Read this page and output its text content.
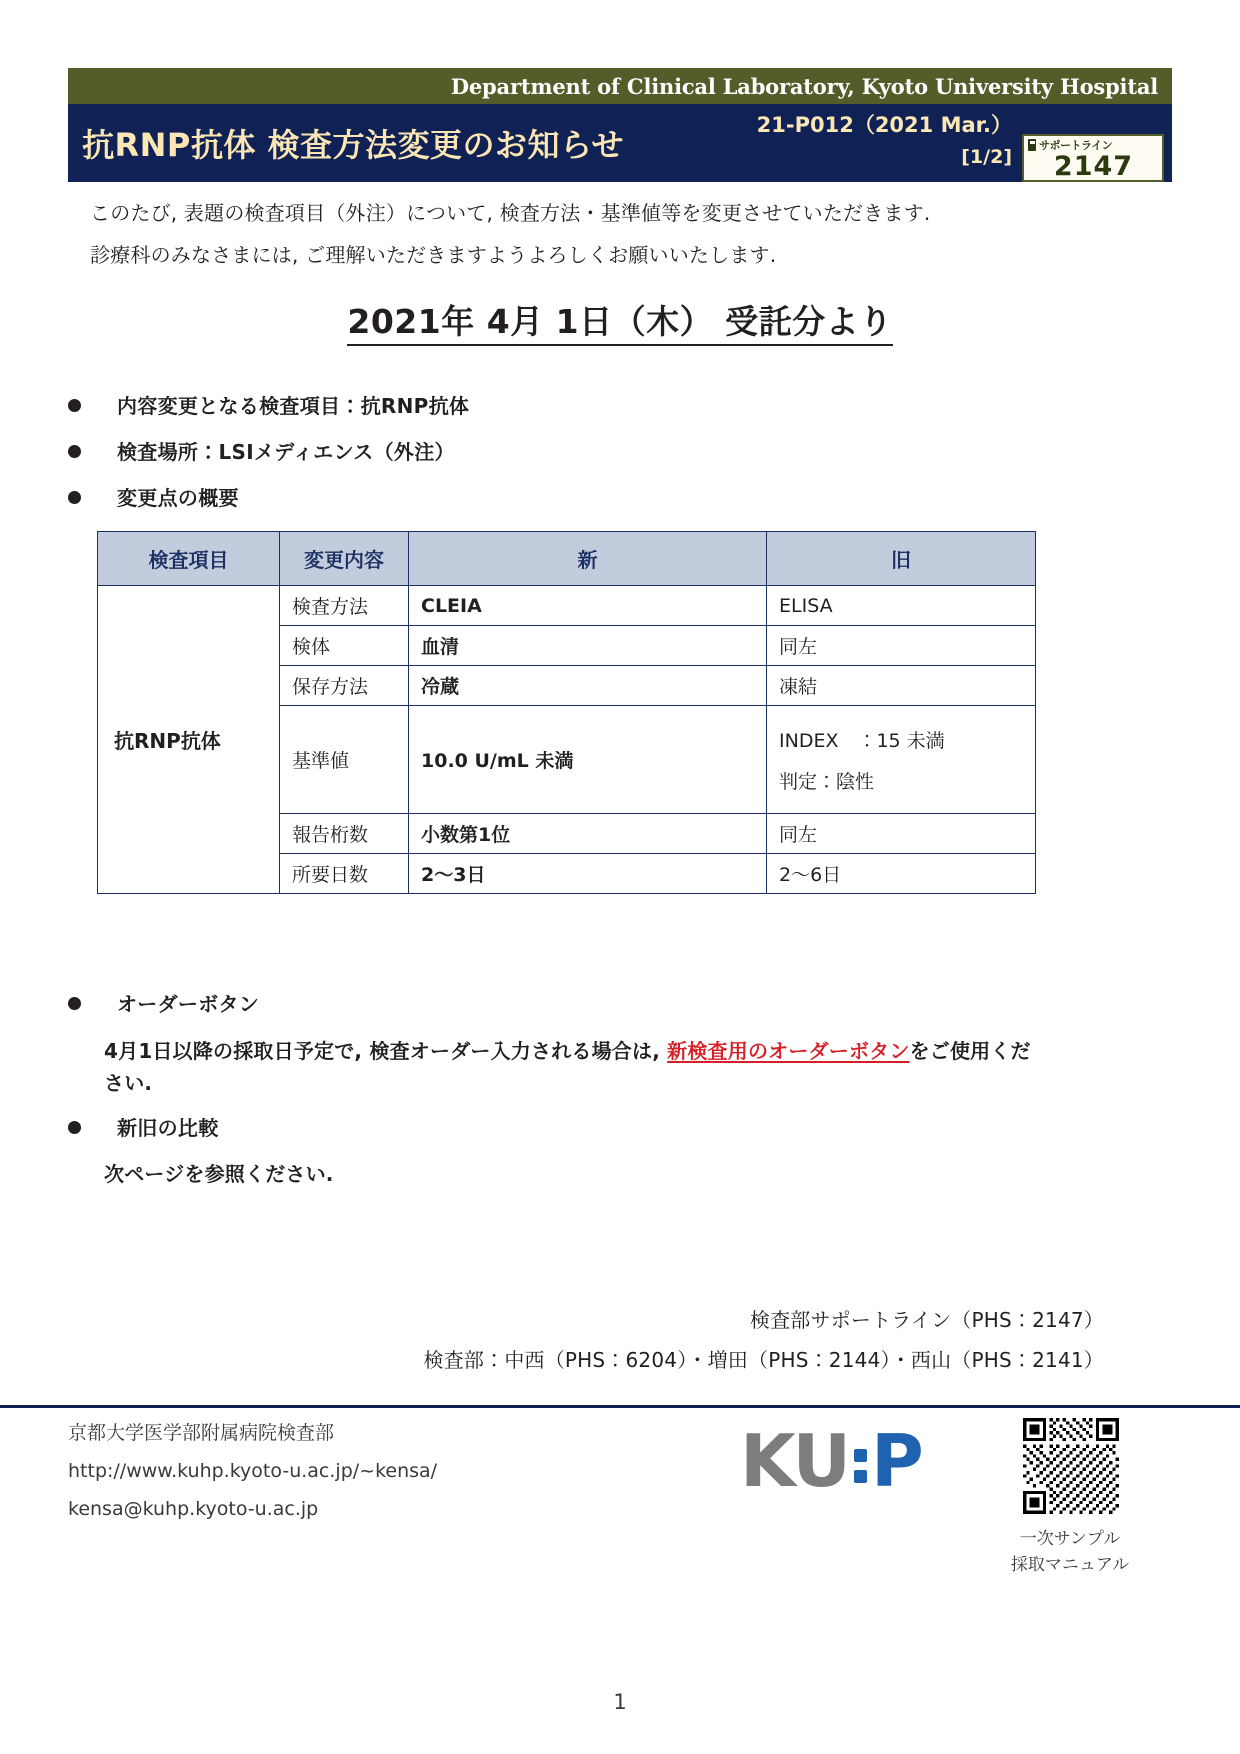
Department of Clinical Laboratory, Kyoto University Hospital
抗RNP抗体 検査方法変更のお知らせ
21-P012（2021 Mar.）
[1/2]
サポートライン
2147

このたび, 表題の検査項目（外注）について, 検査方法・基準値等を変更させていただきます.

診療科のみなさまには, ご理解いただきますようよろしくお願いいたします.

2021年 4月 1日（木） 受託分より
内容変更となる検査項目：抗RNP抗体
検査場所：LSIメディエンス（外注）
変更点の概要
検査項目	変更内容	新	旧
抗RNP抗体	検査方法	CLEIA	ELISA
	検体	血清	同左
	保存方法	冷蔵	凍結
	基準値	10.0 U/mL 未満	INDEX　：15 未満
判定：陰性

	報告桁数	小数第1位	同左
	所要日数	2〜3日	2〜6日
オーダーボタン
4月1日以降の採取日予定で, 検査オーダー入力される場合は, 新検査用のオーダーボタンをご使用ください.
新旧の比較
次ページを参照ください.
検査部サポートライン（PHS：2147）
検査部：中西（PHS：6204）・増田（PHS：2144）・西山（PHS：2141）
京都大学医学部附属病院検査部
http://www.kuhp.kyoto-u.ac.jp/~kensa/
kensa@kuhp.kyoto-u.ac.jp
KU P
一次サンプル
採取マニュアル
1
